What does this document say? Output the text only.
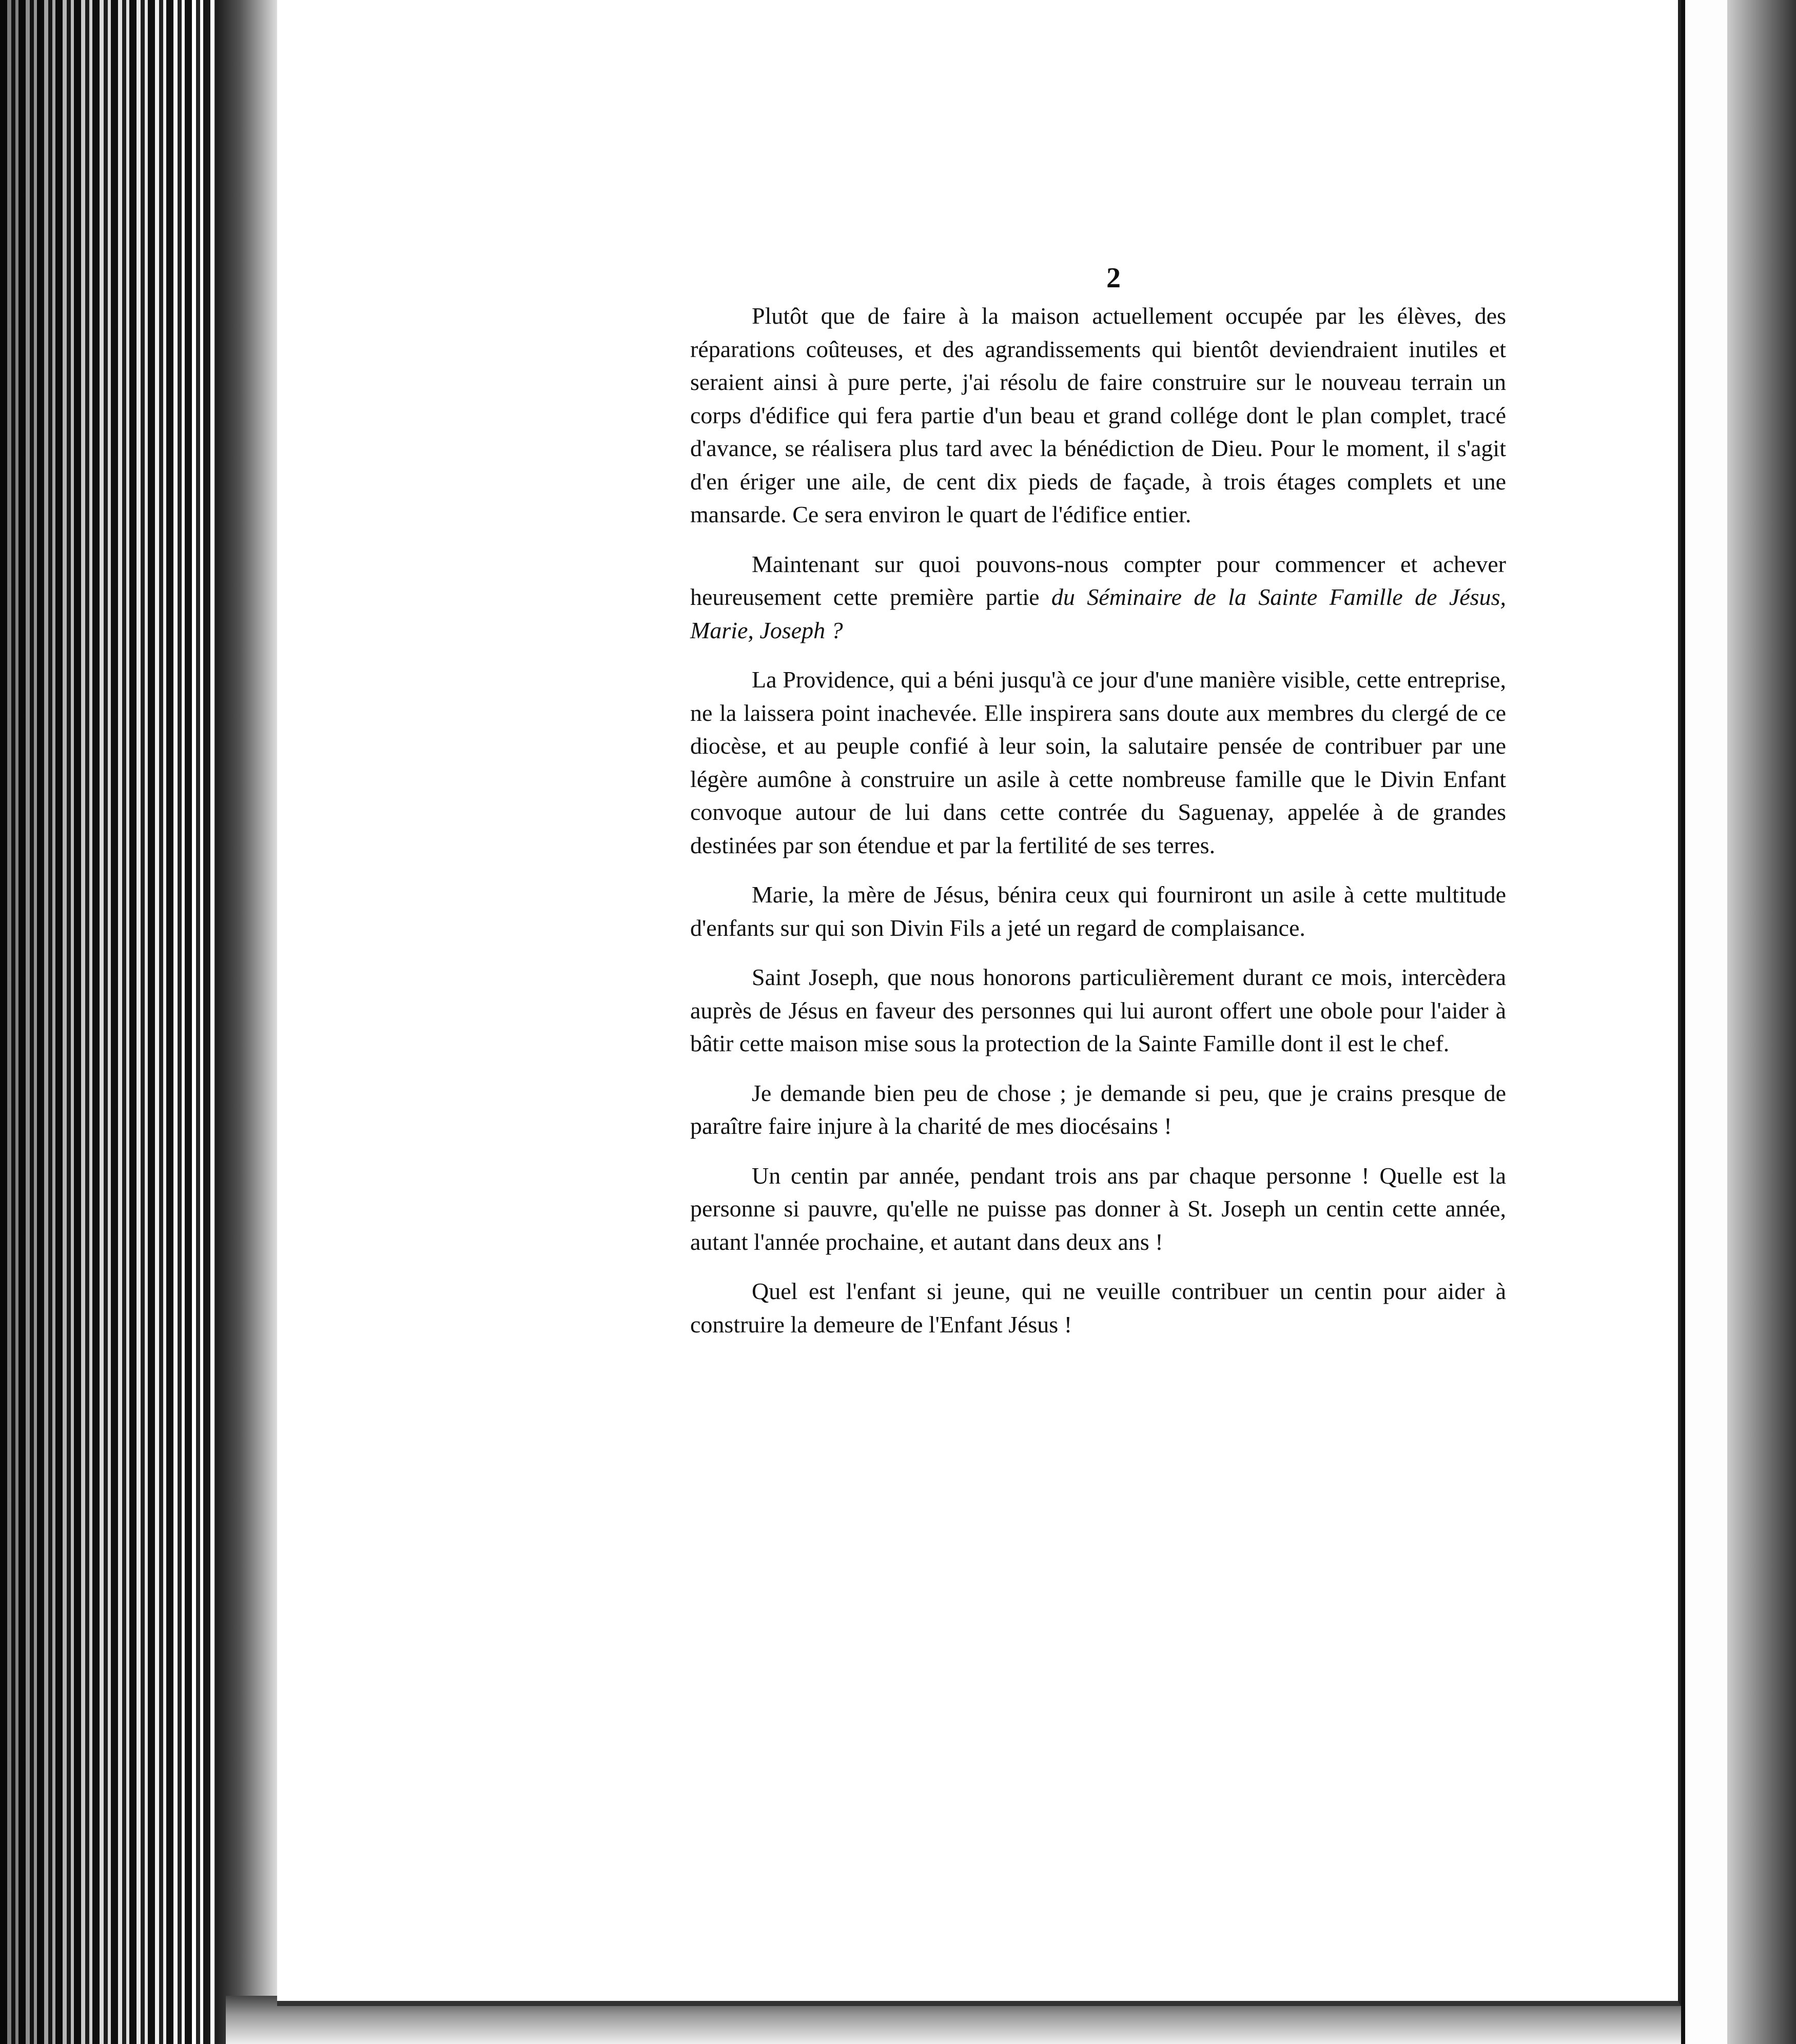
2

Plutôt que de faire à la maison actuellement occupée par les élèves, des réparations coûteuses, et des agrandissements qui bientôt deviendraient inutiles et seraient ainsi à pure perte, j'ai résolu de faire construire sur le nouveau terrain un corps d'édifice qui fera partie d'un beau et grand collége dont le plan complet, tracé d'avance, se réalisera plus tard avec la bénédiction de Dieu. Pour le moment, il s'agit d'en ériger une aile, de cent dix pieds de façade, à trois étages complets et une mansarde. Ce sera environ le quart de l'édifice entier.

Maintenant sur quoi pouvons-nous compter pour commencer et achever heureusement cette première partie du Séminaire de la Sainte Famille de Jésus, Marie, Joseph ?

La Providence, qui a béni jusqu'à ce jour d'une manière visible, cette entreprise, ne la laissera point inachevée. Elle inspirera sans doute aux membres du clergé de ce diocèse, et au peuple confié à leur soin, la salutaire pensée de contribuer par une légère aumône à construire un asile à cette nombreuse famille que le Divin Enfant convoque autour de lui dans cette contrée du Saguenay, appelée à de grandes destinées par son étendue et par la fertilité de ses terres.

Marie, la mère de Jésus, bénira ceux qui fourniront un asile à cette multitude d'enfants sur qui son Divin Fils a jeté un regard de complaisance.

Saint Joseph, que nous honorons particulièrement durant ce mois, intercèdera auprès de Jésus en faveur des personnes qui lui auront offert une obole pour l'aider à bâtir cette maison mise sous la protection de la Sainte Famille dont il est le chef.

Je demande bien peu de chose ; je demande si peu, que je crains presque de paraître faire injure à la charité de mes diocésains !

Un centin par année, pendant trois ans par chaque personne ! Quelle est la personne si pauvre, qu'elle ne puisse pas donner à St. Joseph un centin cette année, autant l'année prochaine, et autant dans deux ans !

Quel est l'enfant si jeune, qui ne veuille contribuer un centin pour aider à construire la demeure de l'Enfant Jésus !
